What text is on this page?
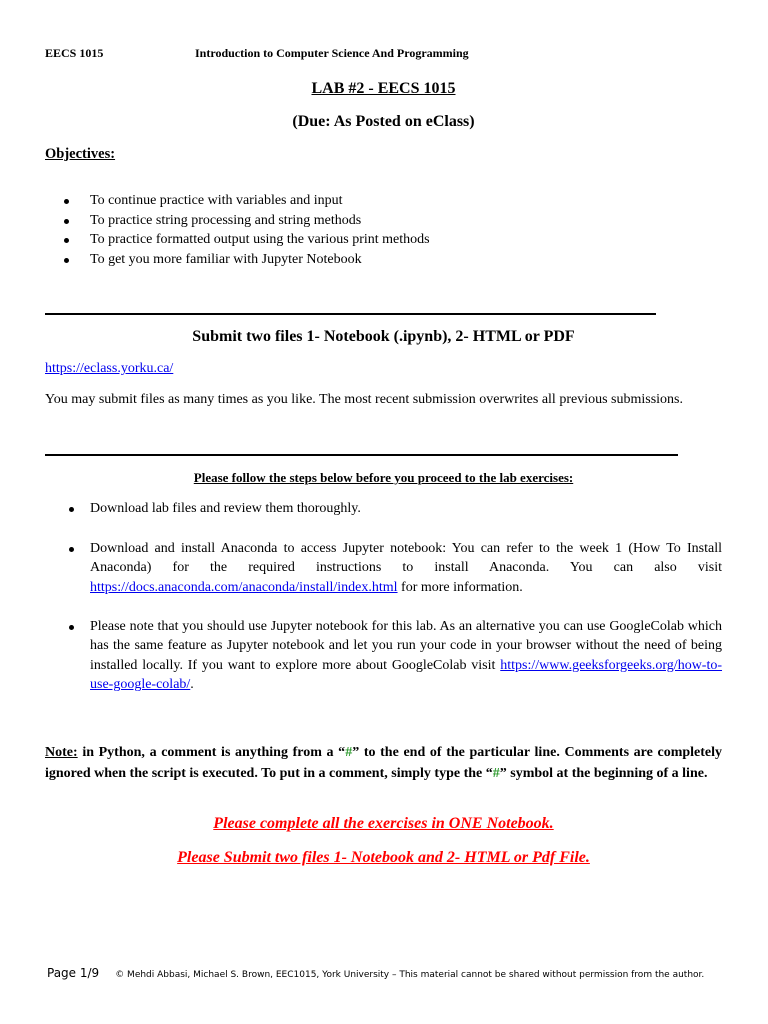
EECS 1015	Introduction to Computer Science And Programming
LAB #2 - EECS 1015
(Due: As Posted on eClass)
Objectives:
To continue practice with variables and input
To practice string processing and string methods
To practice formatted output using the various print methods
To get you more familiar with Jupyter Notebook
Submit two files 1- Notebook (.ipynb), 2- HTML or PDF
https://eclass.yorku.ca/
You may submit files as many times as you like. The most recent submission overwrites all previous submissions.
Please follow the steps below before you proceed to the lab exercises:
Download lab files and review them thoroughly.
Download and install Anaconda to access Jupyter notebook: You can refer to the week 1 (How To Install Anaconda) for the required instructions to install Anaconda. You can also visit https://docs.anaconda.com/anaconda/install/index.html for more information.
Please note that you should use Jupyter notebook for this lab. As an alternative you can use GoogleColab which has the same feature as Jupyter notebook and let you run your code in your browser without the need of being installed locally. If you want to explore more about GoogleColab visit https://www.geeksforgeeks.org/how-to-use-google-colab/.
Note: in Python, a comment is anything from a “#” to the end of the particular line. Comments are completely ignored when the script is executed. To put in a comment, simply type the “#” symbol at the beginning of a line.
Please complete all the exercises in ONE Notebook.
Please Submit two files 1- Notebook and 2- HTML or Pdf File.
Page 1/9 © Mehdi Abbasi, Michael S. Brown, EEC1015, York University – This material cannot be shared without permission from the author.
